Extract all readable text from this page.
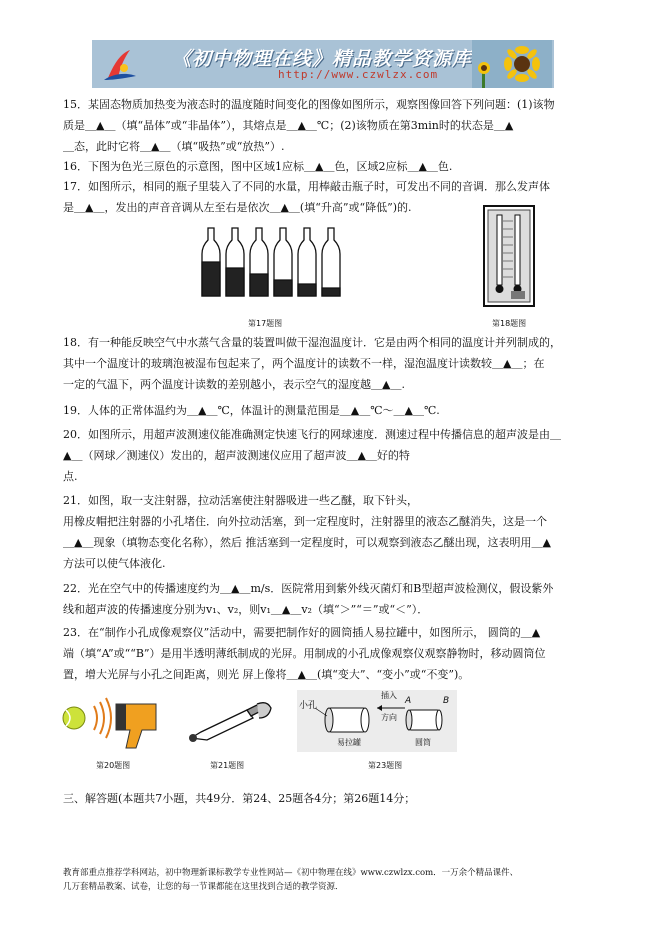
《初中物理在线》精品教学资源库
http://www.czwlzx.com

15．某固态物质加热变为液态时的温度随时间变化的图像如图所示，观察图像回答下列问题：(1)该物

质是＿▲＿（填“晶体”或“非晶体”），其熔点是＿▲＿℃；(2)该物质在第3min时的状态是＿▲

＿态，此时它将＿▲＿（填“吸热”或“放热”）.

16．下图为色光三原色的示意图，图中区域1应标＿▲＿色，区域2应标＿▲＿色.

17．如图所示，相同的瓶子里装入了不同的水量，用棒敲击瓶子时，可发出不同的音调．那么发声体

是＿▲＿，发出的声音音调从左至右是依次＿▲＿(填“升高”或“降低”)的.

第17题图	第18题图

18．有一种能反映空气中水蒸气含量的装置叫做干湿泡温度计．它是由两个相同的温度计并列制成的，

其中一个温度计的玻璃泡被湿布包起来了，两个温度计的读数不一样，湿泡温度计读数较＿▲＿；在

一定的气温下，两个温度计读数的差别越小，表示空气的湿度越＿▲＿.

19．人体的正常体温约为＿▲＿℃，体温计的测量范围是＿▲＿℃～＿▲＿℃.

20．如图所示，用超声波测速仪能准确测定快速飞行的网球速度．测速过程中传播信息的超声波是由＿

▲＿（网球／测速仪）发出的，超声波测速仪应用了超声波＿▲＿好的特

点.

21．如图，取一支注射器，拉动活塞使注射器吸进一些乙醚，取下针头，

用橡皮帽把注射器的小孔堵住．向外拉动活塞，到一定程度时，注射器里的液态乙醚消失，这是一个

＿▲＿现象（填物态变化名称），然后 推活塞到一定程度时，可以观察到液态乙醚出现，这表明用＿▲

方法可以使气体液化.

22．光在空气中的传播速度约为＿▲＿m/s．医院常用到紫外线灭菌灯和B型超声波检测仪，假设紫外

线和超声波的传播速度分别为v₁、v₂，则v₁＿▲＿v₂（填“＞”“＝”或“＜”）．

23．在“制作小孔成像观察仪”活动中，需要把制作好的圆筒插人易拉罐中，如图所示， 圆筒的＿▲

端（填“A”或““B”）是用半透明薄纸制成的光屏。用制成的小孔成像观察仪观察静物时，移动圆筒位

置，增大光屏与小孔之间距离，则光 屏上像将＿▲＿(填“变大”、“变小”或“不变”)。

第20题图	第21题图
小孔
插入
方向
A	B
易拉罐	圆筒
第23题图
三、解答题(本题共7小题，共49分．第24、25题各4分；第26题14分；

教育部重点推荐学科网站，初中物理新课标教学专业性网站—《初中物理在线》www.czwlzx.com．一万余个精品课件、

几万套精品教案、试卷，让您的每一节课都能在这里找到合适的教学资源．
